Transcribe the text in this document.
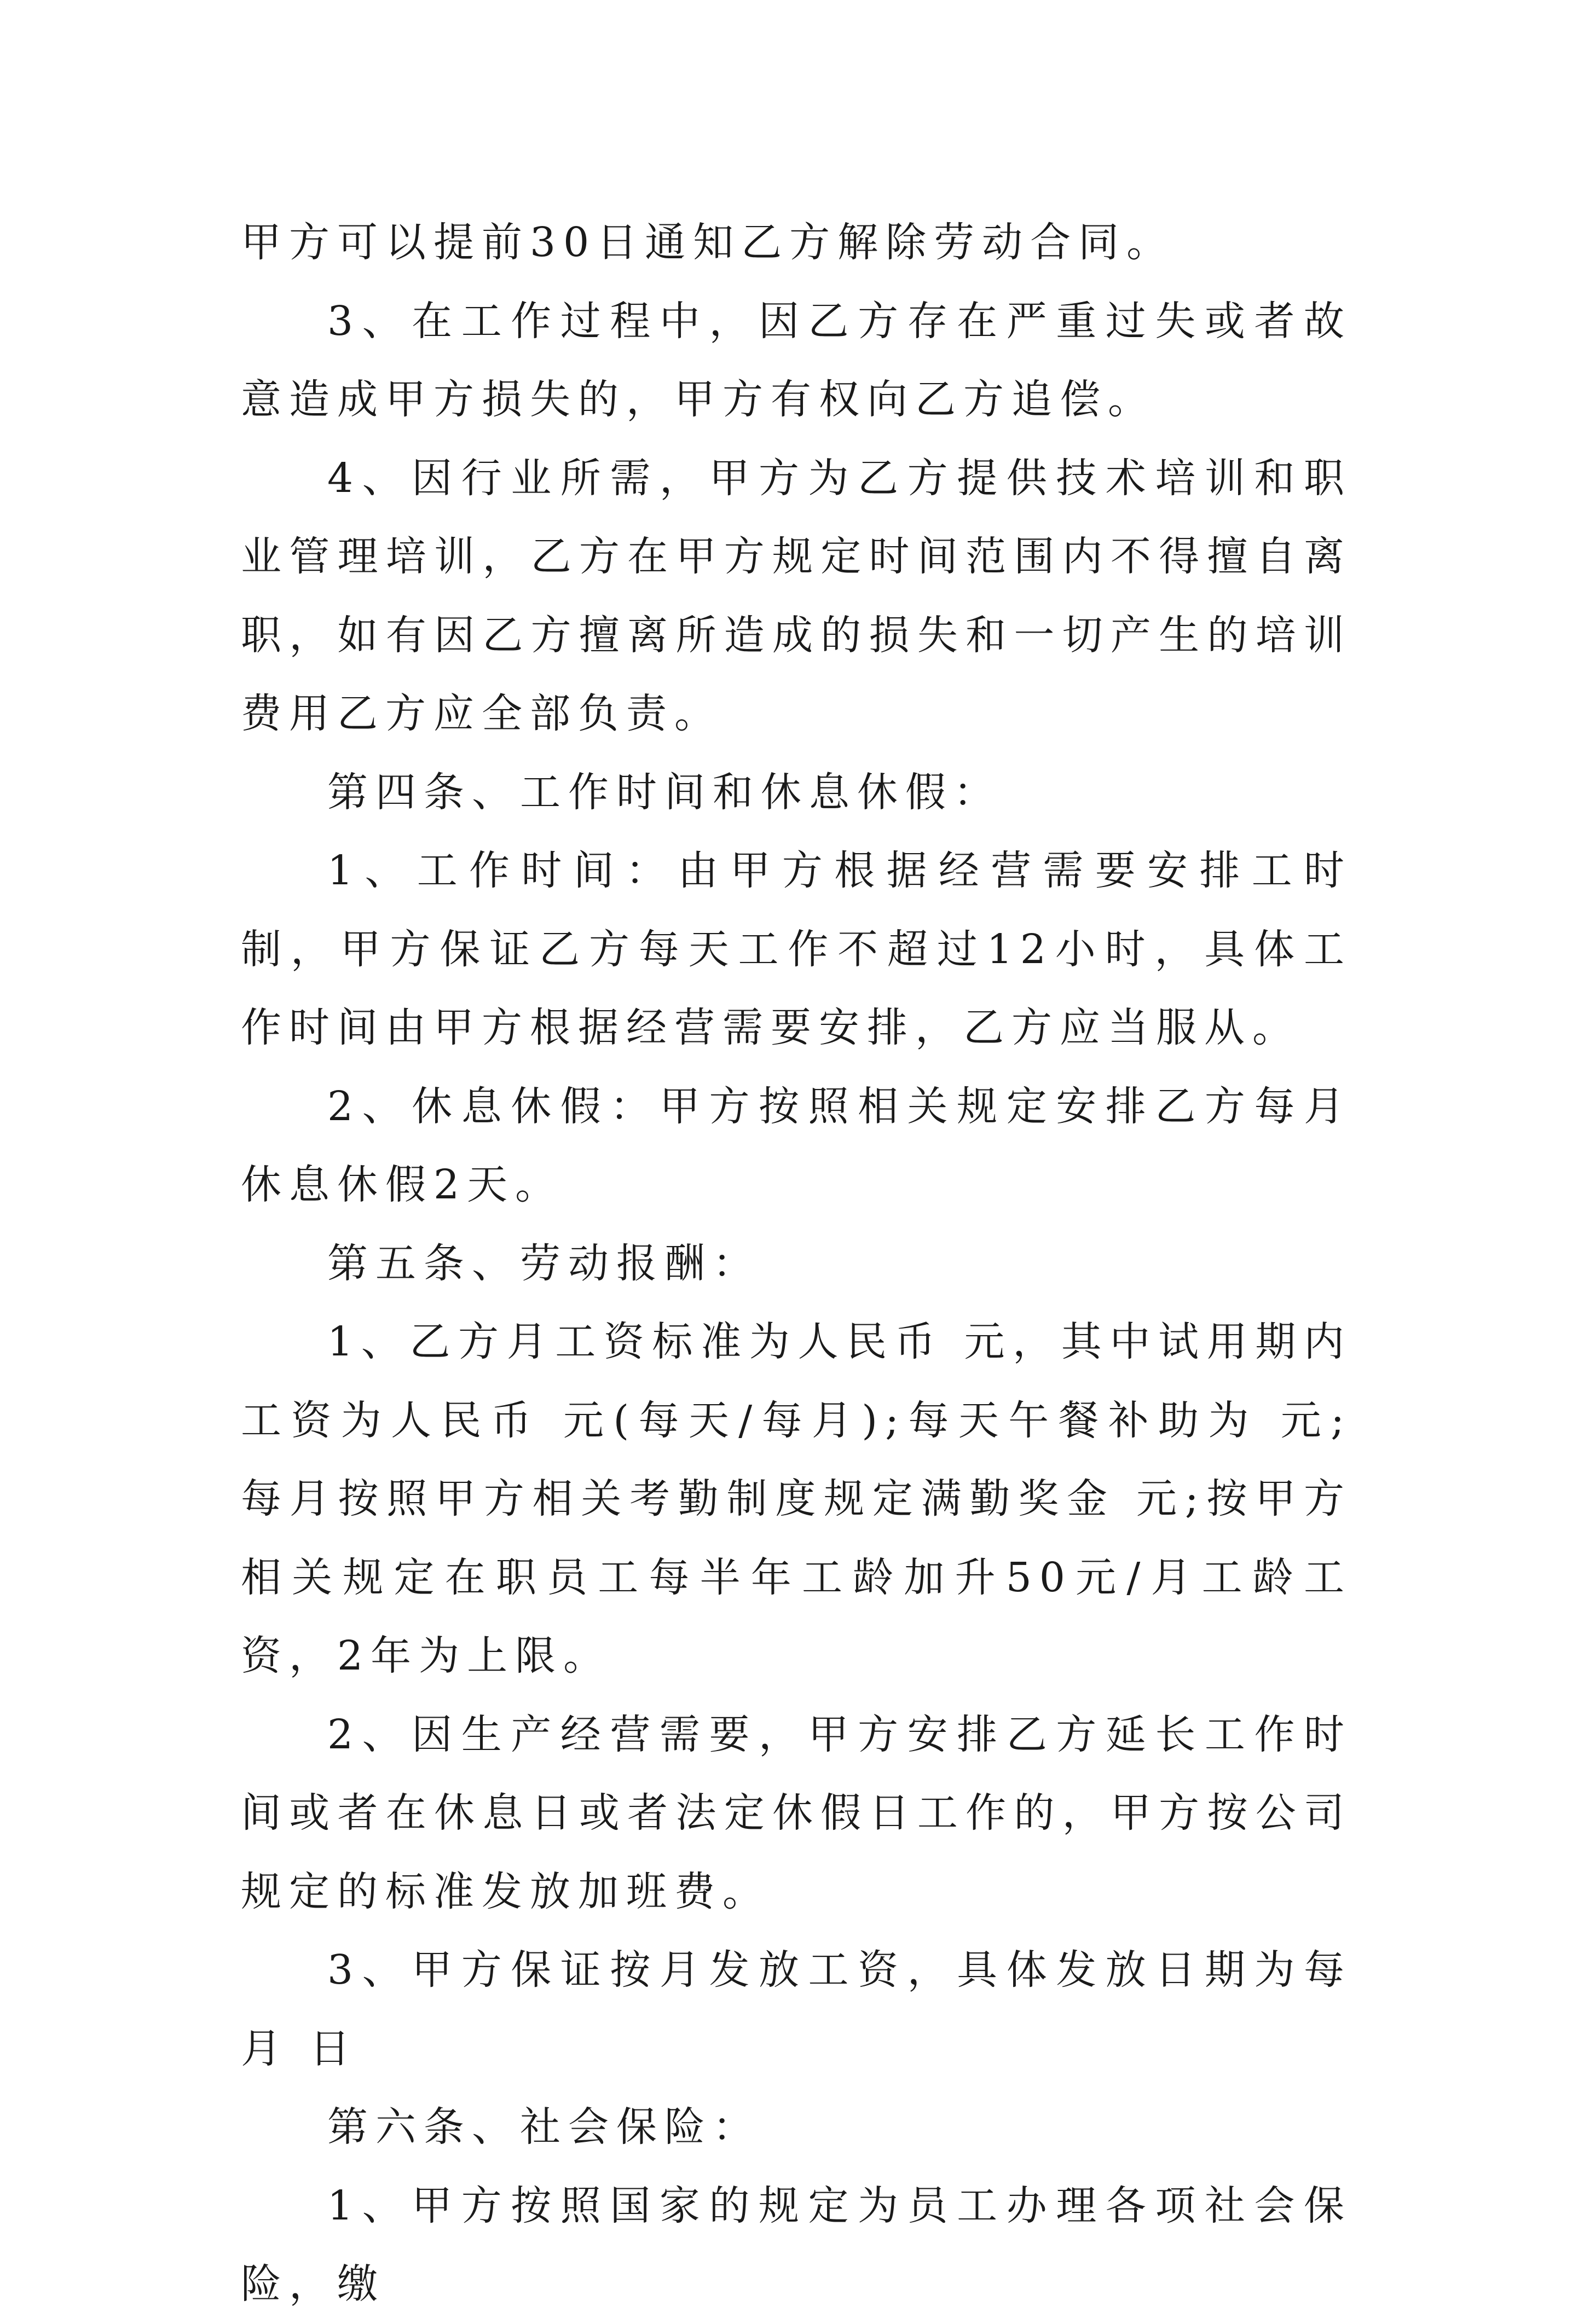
甲方可以提前30日通知乙方解除劳动合同。

3、在工作过程中，因乙方存在严重过失或者故意造成甲方损失的，甲方有权向乙方追偿。

4、因行业所需，甲方为乙方提供技术培训和职业管理培训，乙方在甲方规定时间范围内不得擅自离职，如有因乙方擅离所造成的损失和一切产生的培训费用乙方应全部负责。

第四条、工作时间和休息休假：

1、工作时间：由甲方根据经营需要安排工时制，甲方保证乙方每天工作不超过12小时，具体工作时间由甲方根据经营需要安排，乙方应当服从。

2、休息休假：甲方按照相关规定安排乙方每月休息休假2天。

第五条、劳动报酬：

1、乙方月工资标准为人民币 元，其中试用期内工资为人民币 元(每天/每月);每天午餐补助为 元;每月按照甲方相关考勤制度规定满勤奖金 元;按甲方相关规定在职员工每半年工龄加升50元/月工龄工资，2年为上限。

2、因生产经营需要，甲方安排乙方延长工作时间或者在休息日或者法定休假日工作的，甲方按公司规定的标准发放加班费。

3、甲方保证按月发放工资，具体发放日期为每月 日

第六条、社会保险：

1、甲方按照国家的规定为员工办理各项社会保险，缴
